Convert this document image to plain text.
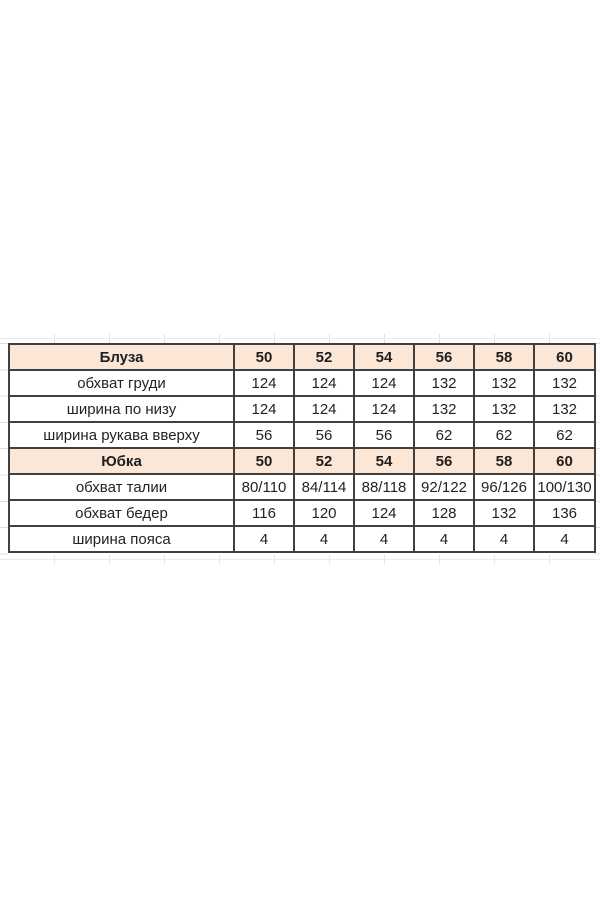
Блуза	50	52	54	56	58	60
обхват груди	124	124	124	132	132	132
ширина по низу	124	124	124	132	132	132
ширина рукава вверху	56	56	56	62	62	62
Юбка	50	52	54	56	58	60
обхват талии	80/110	84/114	88/118	92/122	96/126	100/130
обхват бедер	116	120	124	128	132	136
ширина пояса	4	4	4	4	4	4
